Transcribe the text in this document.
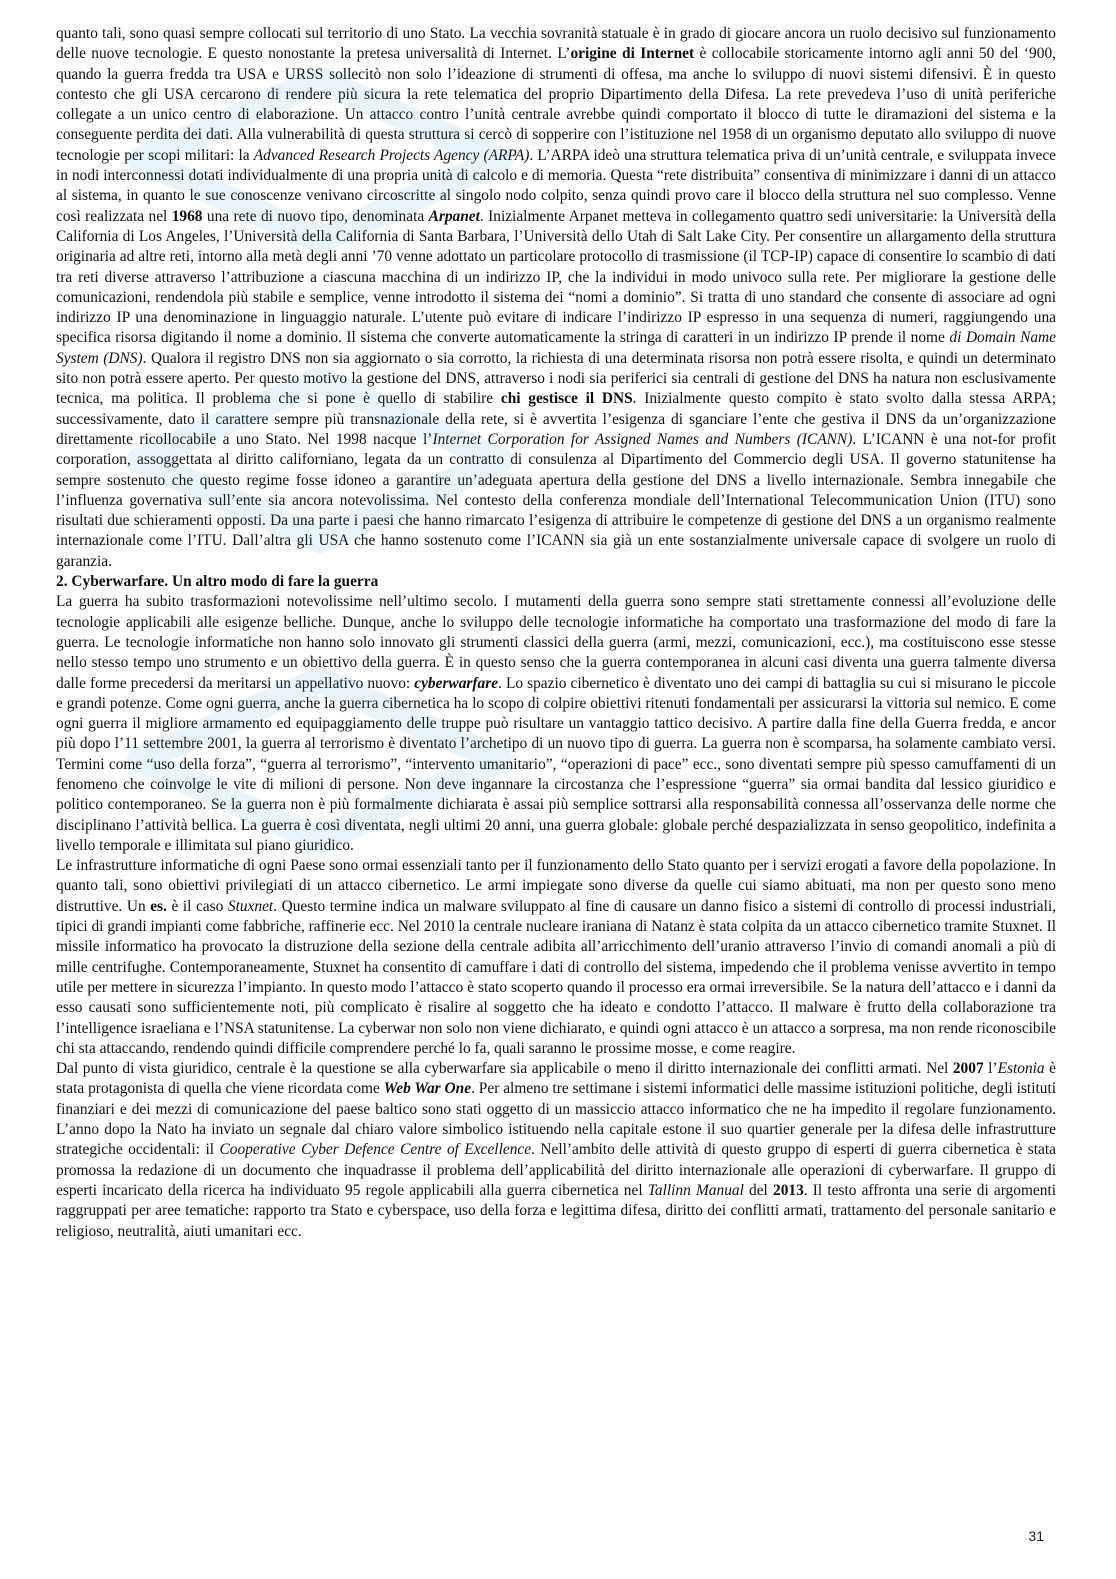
quanto tali, sono quasi sempre collocati sul territorio di uno Stato. La vecchia sovranità statuale è in grado di giocare ancora un ruolo decisivo sul funzionamento delle nuove tecnologie. E questo nonostante la pretesa universalità di Internet. L’origine di Internet è collocabile storicamente intorno agli anni 50 del ‘900, quando la guerra fredda tra USA e URSS sollecitò non solo l’ideazione di strumenti di offesa, ma anche lo sviluppo di nuovi sistemi difensivi. È in questo contesto che gli USA cercarono di rendere più sicura la rete telematica del proprio Dipartimento della Difesa. La rete prevedeva l’uso di unità periferiche collegate a un unico centro di elaborazione. Un attacco contro l’unità centrale avrebbe quindi comportato il blocco di tutte le diramazioni del sistema e la conseguente perdita dei dati. Alla vulnerabilità di questa struttura si cercò di sopperire con l’istituzione nel 1958 di un organismo deputato allo sviluppo di nuove tecnologie per scopi militari: la Advanced Research Projects Agency (ARPA). L’ARPA ideò una struttura telematica priva di un’unità centrale, e sviluppata invece in nodi interconnessi dotati individualmente di una propria unità di calcolo e di memoria. Questa “rete distribuita” consentiva di minimizzare i danni di un attacco al sistema, in quanto le sue conoscenze venivano circoscritte al singolo nodo colpito, senza quindi provo care il blocco della struttura nel suo complesso. Venne così realizzata nel 1968 una rete di nuovo tipo, denominata Arpanet. Inizialmente Arpanet metteva in collegamento quattro sedi universitarie: la Università della California di Los Angeles, l’Università della California di Santa Barbara, l’Università dello Utah di Salt Lake City. Per consentire un allargamento della struttura originaria ad altre reti, intorno alla metà degli anni ’70 venne adottato un particolare protocollo di trasmissione (il TCP-IP) capace di consentire lo scambio di dati tra reti diverse attraverso l’attribuzione a ciascuna macchina di un indirizzo IP, che la individui in modo univoco sulla rete. Per migliorare la gestione delle comunicazioni, rendendola più stabile e semplice, venne introdotto il sistema dei “nomi a dominio”. Si tratta di uno standard che consente di associare ad ogni indirizzo IP una denominazione in linguaggio naturale. L’utente può evitare di indicare l’indirizzo IP espresso in una sequenza di numeri, raggiungendo una specifica risorsa digitando il nome a dominio. Il sistema che converte automaticamente la stringa di caratteri in un indirizzo IP prende il nome di Domain Name System (DNS). Qualora il registro DNS non sia aggiornato o sia corrotto, la richiesta di una determinata risorsa non potrà essere risolta, e quindi un determinato sito non potrà essere aperto. Per questo motivo la gestione del DNS, attraverso i nodi sia periferici sia centrali di gestione del DNS ha natura non esclusivamente tecnica, ma politica. Il problema che si pone è quello di stabilire chi gestisce il DNS. Inizialmente questo compito è stato svolto dalla stessa ARPA; successivamente, dato il carattere sempre più transnazionale della rete, si è avvertita l’esigenza di sganciare l’ente che gestiva il DNS da un’organizzazione direttamente ricollocabile a uno Stato. Nel 1998 nacque l’Internet Corporation for Assigned Names and Numbers (ICANN). L’ICANN è una not-for profit corporation, assoggettata al diritto californiano, legata da un contratto di consulenza al Dipartimento del Commercio degli USA. Il governo statunitense ha sempre sostenuto che questo regime fosse idoneo a garantire un’adeguata apertura della gestione del DNS a livello internazionale. Sembra innegabile che l’influenza governativa sull’ente sia ancora notevolissima. Nel contesto della conferenza mondiale dell’International Telecommunication Union (ITU) sono risultati due schieramenti opposti. Da una parte i paesi che hanno rimarcato l’esigenza di attribuire le competenze di gestione del DNS a un organismo realmente internazionale come l’ITU. Dall’altra gli USA che hanno sostenuto come l’ICANN sia già un ente sostanzialmente universale capace di svolgere un ruolo di garanzia.

2. Cyberwarfare. Un altro modo di fare la guerra

La guerra ha subito trasformazioni notevolissime nell’ultimo secolo. I mutamenti della guerra sono sempre stati strettamente connessi all’evoluzione delle tecnologie applicabili alle esigenze belliche. Dunque, anche lo sviluppo delle tecnologie informatiche ha comportato una trasformazione del modo di fare la guerra. Le tecnologie informatiche non hanno solo innovato gli strumenti classici della guerra (armi, mezzi, comunicazioni, ecc.), ma costituiscono esse stesse nello stesso tempo uno strumento e un obiettivo della guerra. È in questo senso che la guerra contemporanea in alcuni casi diventa una guerra talmente diversa dalle forme precedersi da meritarsi un appellativo nuovo: cyberwarfare. Lo spazio cibernetico è diventato uno dei campi di battaglia su cui si misurano le piccole e grandi potenze. Come ogni guerra, anche la guerra cibernetica ha lo scopo di colpire obiettivi ritenuti fondamentali per assicurarsi la vittoria sul nemico. E come ogni guerra il migliore armamento ed equipaggiamento delle truppe può risultare un vantaggio tattico decisivo. A partire dalla fine della Guerra fredda, e ancor più dopo l’11 settembre 2001, la guerra al terrorismo è diventato l’archetipo di un nuovo tipo di guerra. La guerra non è scomparsa, ha solamente cambiato versi. Termini come “uso della forza”, “guerra al terrorismo”, “intervento umanitario”, “operazioni di pace” ecc., sono diventati sempre più spesso camuffamenti di un fenomeno che coinvolge le vite di milioni di persone. Non deve ingannare la circostanza che l’espressione “guerra” sia ormai bandita dal lessico giuridico e politico contemporaneo. Se la guerra non è più formalmente dichiarata è assai più semplice sottrarsi alla responsabilità connessa all’osservanza delle norme che disciplinano l’attività bellica. La guerra è così diventata, negli ultimi 20 anni, una guerra globale: globale perché despazializzata in senso geopolitico, indefinita a livello temporale e illimitata sul piano giuridico.

Le infrastrutture informatiche di ogni Paese sono ormai essenziali tanto per il funzionamento dello Stato quanto per i servizi erogati a favore della popolazione. In quanto tali, sono obiettivi privilegiati di un attacco cibernetico. Le armi impiegate sono diverse da quelle cui siamo abituati, ma non per questo sono meno distruttive. Un es. è il caso Stuxnet. Questo termine indica un malware sviluppato al fine di causare un danno fisico a sistemi di controllo di processi industriali, tipici di grandi impianti come fabbriche, raffinerie ecc. Nel 2010 la centrale nucleare iraniana di Natanz è stata colpita da un attacco cibernetico tramite Stuxnet. Il missile informatico ha provocato la distruzione della sezione della centrale adibita all’arricchimento dell’uranio attraverso l’invio di comandi anomali a più di mille centrifughe. Contemporaneamente, Stuxnet ha consentito di camuffare i dati di controllo del sistema, impedendo che il problema venisse avvertito in tempo utile per mettere in sicurezza l’impianto. In questo modo l’attacco è stato scoperto quando il processo era ormai irreversibile. Se la natura dell’attacco e i danni da esso causati sono sufficientemente noti, più complicato è risalire al soggetto che ha ideato e condotto l’attacco. Il malware è frutto della collaborazione tra l’intelligence israeliana e l’NSA statunitense. La cyberwar non solo non viene dichiarato, e quindi ogni attacco è un attacco a sorpresa, ma non rende riconoscibile chi sta attaccando, rendendo quindi difficile comprendere perché lo fa, quali saranno le prossime mosse, e come reagire.

Dal punto di vista giuridico, centrale è la questione se alla cyberwarfare sia applicabile o meno il diritto internazionale dei conflitti armati. Nel 2007 l’Estonia è stata protagonista di quella che viene ricordata come Web War One. Per almeno tre settimane i sistemi informatici delle massime istituzioni politiche, degli istituti finanziari e dei mezzi di comunicazione del paese baltico sono stati oggetto di un massiccio attacco informatico che ne ha impedito il regolare funzionamento. L’anno dopo la Nato ha inviato un segnale dal chiaro valore simbolico istituendo nella capitale estone il suo quartier generale per la difesa delle infrastrutture strategiche occidentali: il Cooperative Cyber Defence Centre of Excellence. Nell’ambito delle attività di questo gruppo di esperti di guerra cibernetica è stata promossa la redazione di un documento che inquadrasse il problema dell’applicabilità del diritto internazionale alle operazioni di cyberwarfare. Il gruppo di esperti incaricato della ricerca ha individuato 95 regole applicabili alla guerra cibernetica nel Tallinn Manual del 2013. Il testo affronta una serie di argomenti raggruppati per aree tematiche: rapporto tra Stato e cyberspace, uso della forza e legittima difesa, diritto dei conflitti armati, trattamento del personale sanitario e religioso, neutralità, aiuti umanitari ecc.

31
